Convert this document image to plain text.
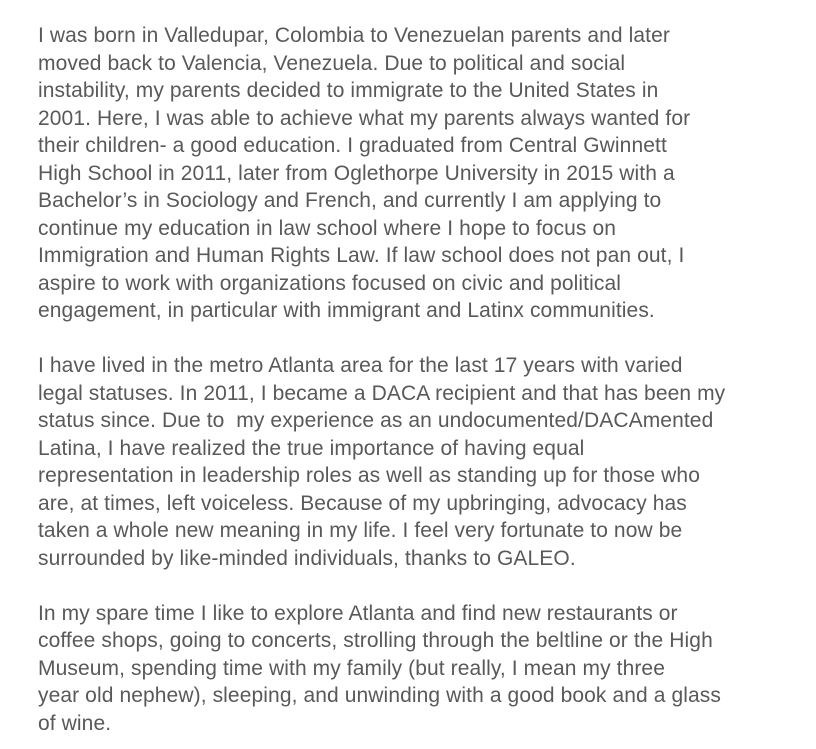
I was born in Valledupar, Colombia to Venezuelan parents and later
moved back to Valencia, Venezuela. Due to political and social
instability, my parents decided to immigrate to the United States in
2001. Here, I was able to achieve what my parents always wanted for
their children- a good education. I graduated from Central Gwinnett
High School in 2011, later from Oglethorpe University in 2015 with a
Bachelor’s in Sociology and French, and currently I am applying to
continue my education in law school where I hope to focus on
Immigration and Human Rights Law. If law school does not pan out, I
aspire to work with organizations focused on civic and political
engagement, in particular with immigrant and Latinx communities.

I have lived in the metro Atlanta area for the last 17 years with varied
legal statuses. In 2011, I became a DACA recipient and that has been my
status since. Due to  my experience as an undocumented/DACAmented
Latina, I have realized the true importance of having equal
representation in leadership roles as well as standing up for those who
are, at times, left voiceless. Because of my upbringing, advocacy has
taken a whole new meaning in my life. I feel very fortunate to now be
surrounded by like-minded individuals, thanks to GALEO.

In my spare time I like to explore Atlanta and find new restaurants or
coffee shops, going to concerts, strolling through the beltline or the High
Museum, spending time with my family (but really, I mean my three
year old nephew), sleeping, and unwinding with a good book and a glass
of wine.
